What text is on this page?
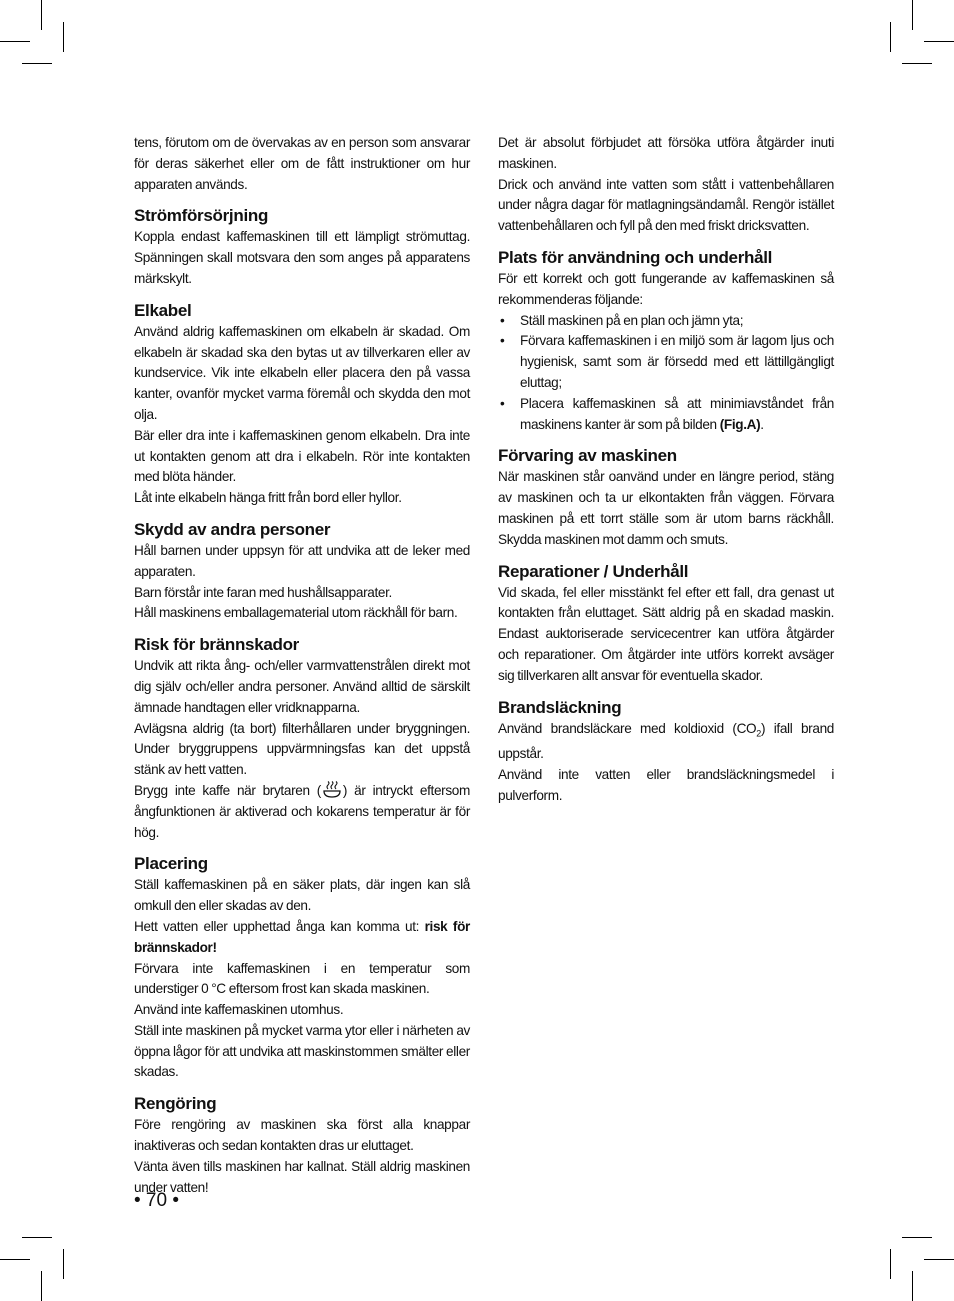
tens, förutom om de övervakas av en person som ansvarar för deras säkerhet eller om de fått instruktioner om hur apparaten används.

Strömförsörjning

Koppla endast kaffemaskinen till ett lämpligt strömuttag. Spänningen skall motsvara den som anges på apparatens märkskylt.

Elkabel

Använd aldrig kaffemaskinen om elkabeln är skadad. Om elkabeln är skadad ska den bytas ut av tillverkaren eller av kundservice. Vik inte elkabeln eller placera den på vassa kanter, ovanför mycket varma föremål och skydda den mot olja.

Bär eller dra inte i kaffemaskinen genom elkabeln. Dra inte ut kontakten genom att dra i elkabeln. Rör inte kontakten med blöta händer.

Låt inte elkabeln hänga fritt från bord eller hyllor.

Skydd av andra personer

Håll barnen under uppsyn för att undvika att de leker med apparaten.

Barn förstår inte faran med hushållsapparater.

Håll maskinens emballagematerial utom räckhåll för barn.

Risk för brännskador

Undvik att rikta ång- och/eller varmvattenstrålen direkt mot dig själv och/eller andra personer. Använd alltid de särskilt ämnade handtagen eller vridknapparna.

Avlägsna aldrig (ta bort) filterhållaren under bryggningen. Under bryggruppens uppvärmningsfas kan det uppstå stänk av hett vatten.

Brygg inte kaffe när brytaren ( ) är intryckt eftersom ångfunktionen är aktiverad och kokarens temperatur är för hög.

Placering

Ställ kaffemaskinen på en säker plats, där ingen kan slå omkull den eller skadas av den.

Hett vatten eller upphettad ånga kan komma ut: risk för brännskador!

Förvara inte kaffemaskinen i en temperatur som understiger 0 °C eftersom frost kan skada maskinen.

Använd inte kaffemaskinen utomhus.

Ställ inte maskinen på mycket varma ytor eller i närheten av öppna lågor för att undvika att maskinstommen smälter eller skadas.

Rengöring

Före rengöring av maskinen ska först alla knappar inaktiveras och sedan kontakten dras ur eluttaget.

Vänta även tills maskinen har kallnat. Ställ aldrig maskinen under vatten!

Det är absolut förbjudet att försöka utföra åtgärder inuti maskinen.

Drick och använd inte vatten som stått i vattenbehållaren under några dagar för matlagningsändamål. Rengör istället vattenbehållaren och fyll på den med friskt dricksvatten.

Plats för användning och underhåll

För ett korrekt och gott fungerande av kaffemaskinen så rekommenderas följande:

• Ställ maskinen på en plan och jämn yta;
• Förvara kaffemaskinen i en miljö som är lagom ljus och hygienisk, samt som är försedd med ett lättillgängligt eluttag;
• Placera kaffemaskinen så att minimiavståndet från maskinens kanter är som på bilden (Fig.A).
Förvaring av maskinen

När maskinen står oanvänd under en längre period, stäng av maskinen och ta ur elkontakten från väggen. Förvara maskinen på ett torrt ställe som är utom barns räckhåll. Skydda maskinen mot damm och smuts.

Reparationer / Underhåll

Vid skada, fel eller misstänkt fel efter ett fall, dra genast ut kontakten från eluttaget. Sätt aldrig på en skadad maskin. Endast auktoriserade servicecentrer kan utföra åtgärder och reparationer. Om åtgärder inte utförs korrekt avsäger sig tillverkaren allt ansvar för eventuella skador.

Brandsläckning

Använd brandsläckare med koldioxid $(CO_2)$ ifall brand uppstår.

Använd inte vatten eller brandsläckningsmedel i pulverform.

• 70 •
